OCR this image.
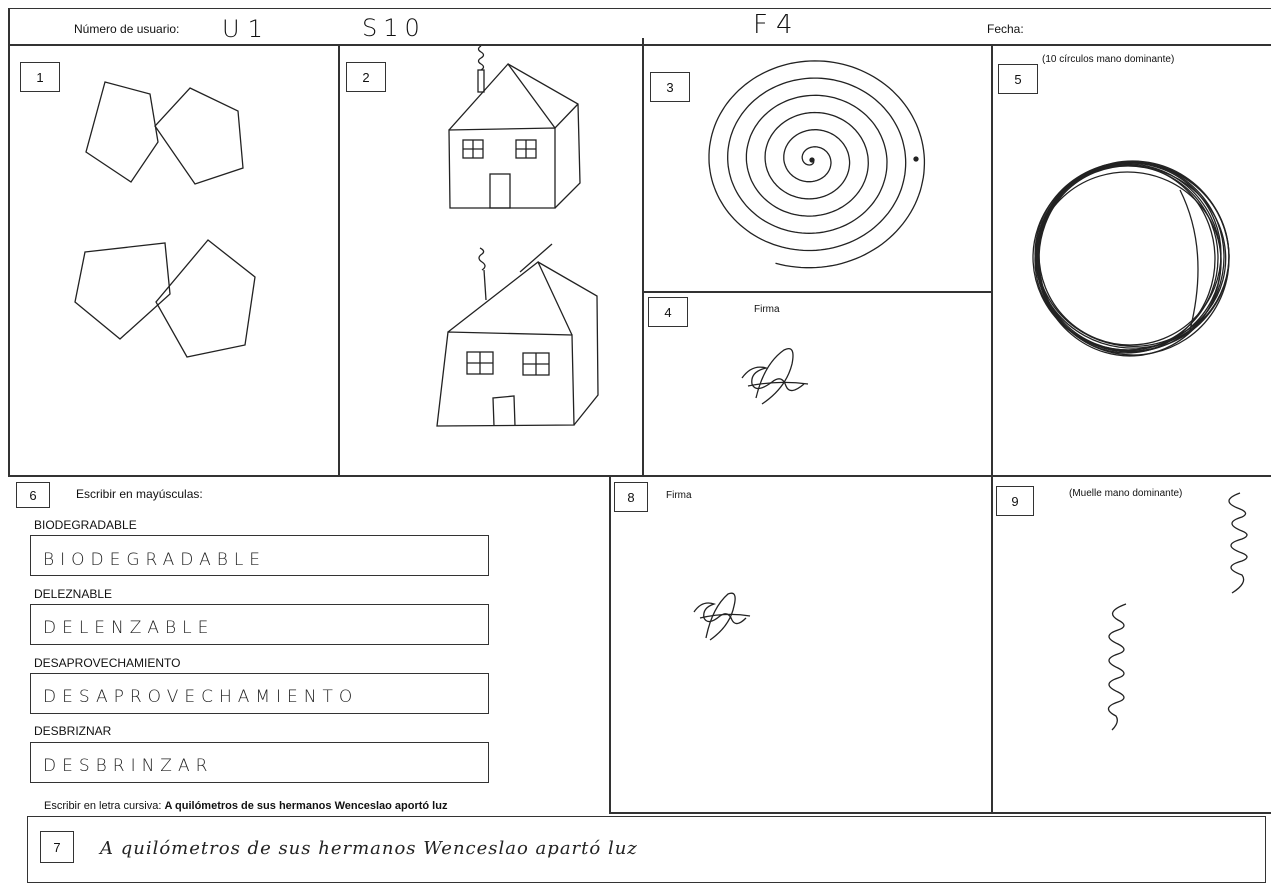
Número de usuario: U1	S10	F4	Fecha:
1	2
3
4	Firma
5
(10 círculos mano dominante)
6	Escribir en mayúsculas:
BIODEGRADABLE
BIODEGRADABLE
DELEZNABLE
DELENZABLE
DESAPROVECHAMIENTO
DESAPROVECHAMIENTO
DESBRIZNAR
DESBRINZAR
Escribir en letra cursiva: A quilómetros de sus hermanos Wenceslao aportó luz
7	A quilómetros de sus hermanos Wenceslao apartó luz
8	Firma	9	(Muelle mano dominante)
